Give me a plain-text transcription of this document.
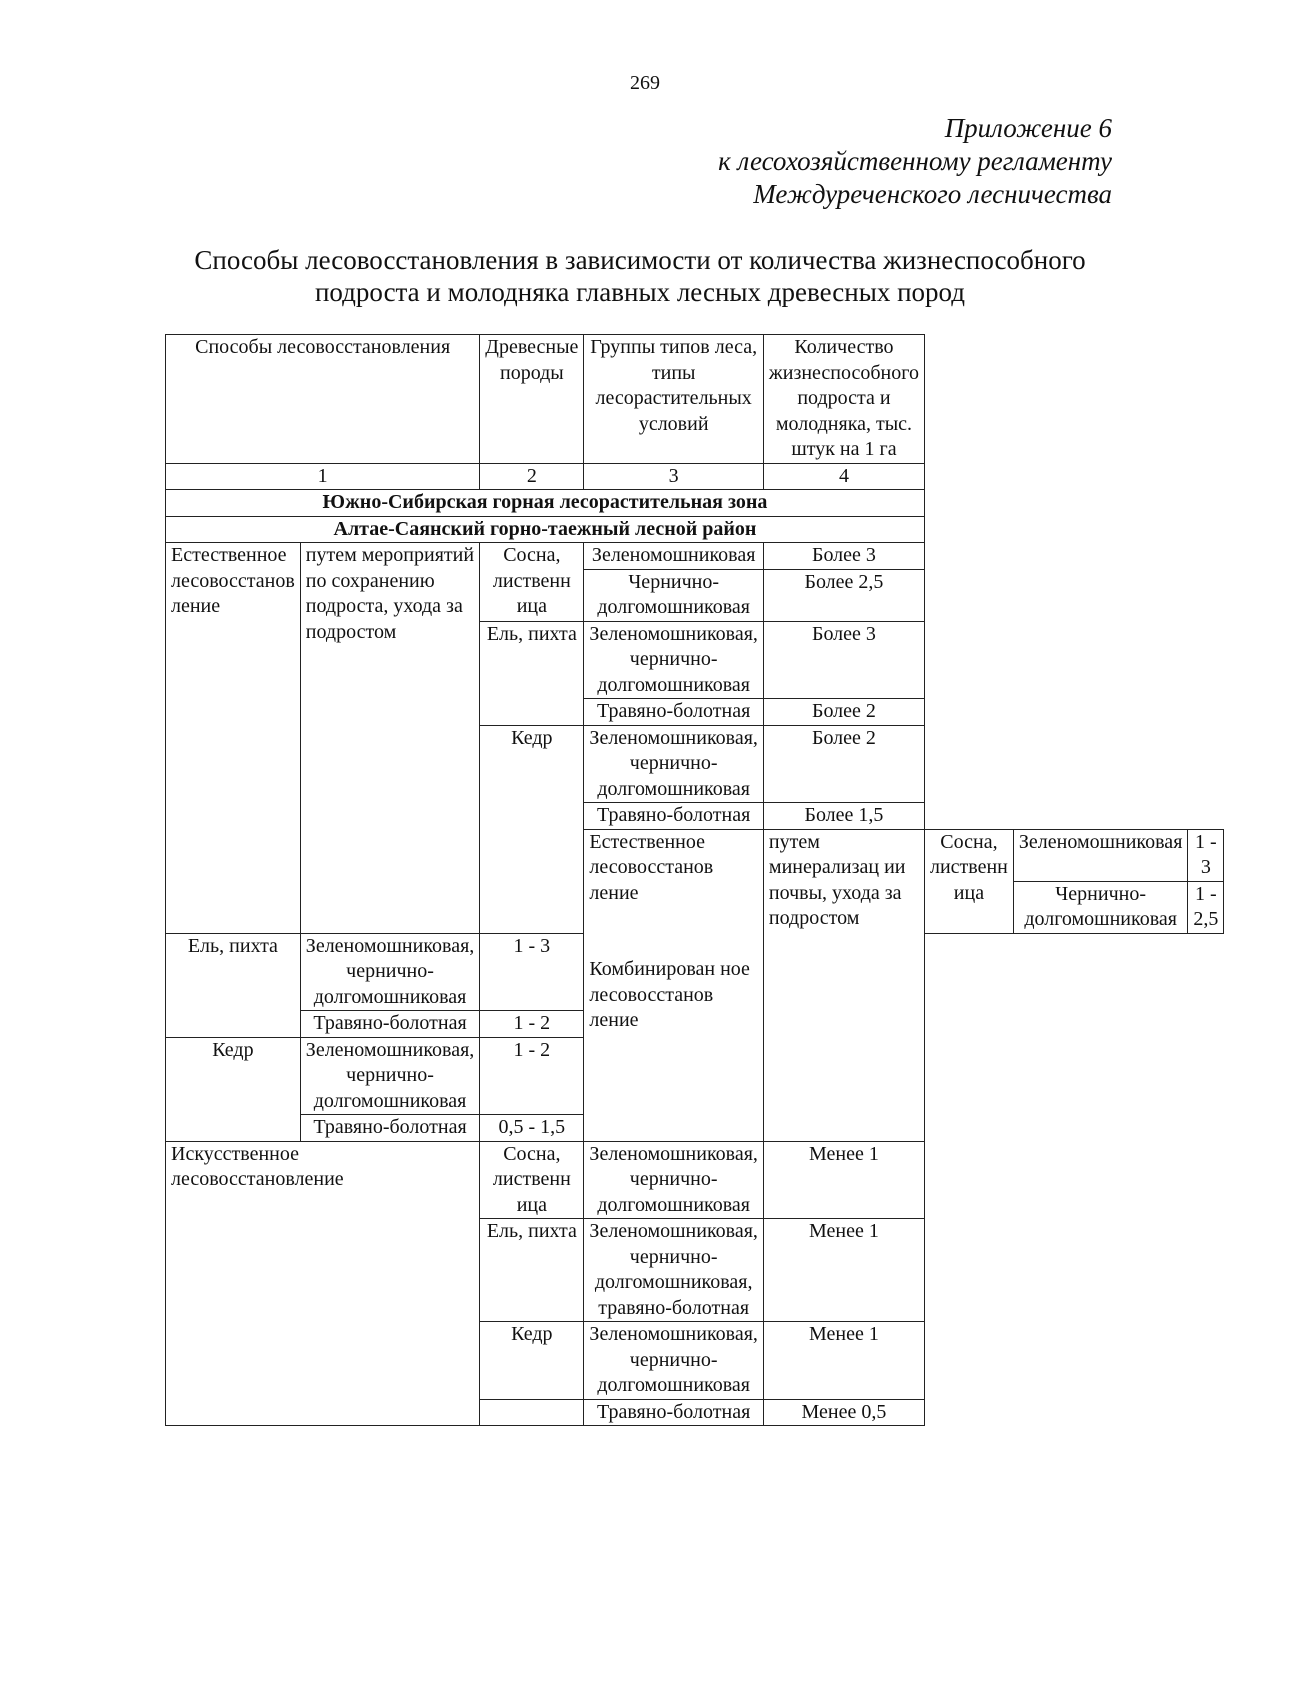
269
Приложение 6
к лесохозяйственному регламенту
Междуреченского лесничества
Способы лесовосстановления в зависимости от количества жизнеспособного
подроста и молодняка главных лесных древесных пород
Способы лесовосстановления		Древесные породы	Группы типов леса, типы лесорастительных условий	Количество жизнеспособного подроста и молодняка, тыс. штук на 1 га			
1		2	3	4			
Южно-Сибирская горная лесорастительная зона							
Алтае-Саянский горно-таежный лесной район							
Естественное лесовосстанов ление	путем мероприятий по сохранению подроста, ухода за подростом	Сосна, лиственн ица	Зеленомошниковая	Более 3			
			Чернично-долгомошниковая	Более 2,5			
		Ель, пихта	Зеленомошниковая, чернично-долгомошниковая	Более 3			
			Травяно-болотная	Более 2			
		Кедр	Зеленомошниковая, чернично-долгомошниковая	Более 2			
			Травяно-болотная	Более 1,5			

			Естественное лесовосстанов ление
Комбинирован ное лесовосстанов ление	путем минерализац ии почвы, ухода за подростом	Сосна, лиственн ица	Зеленомошниковая	1 - 3
						Чернично-долгомошниковая	1 - 2,5
Ель, пихта	Зеленомошниковая, чернично-долгомошниковая	1 - 3					
	Травяно-болотная	1 - 2					
Кедр	Зеленомошниковая, чернично-долгомошниковая	1 - 2					
	Травяно-болотная	0,5 - 1,5					
Искусственное лесовосстановление		Сосна, лиственн ица	Зеленомошниковая, чернично-долгомошниковая	Менее 1			
		Ель, пихта	Зеленомошниковая, чернично-долгомошниковая, травяно-болотная	Менее 1			
		Кедр	Зеленомошниковая, чернично-долгомошниковая	Менее 1			
			Травяно-болотная	Менее 0,5			
